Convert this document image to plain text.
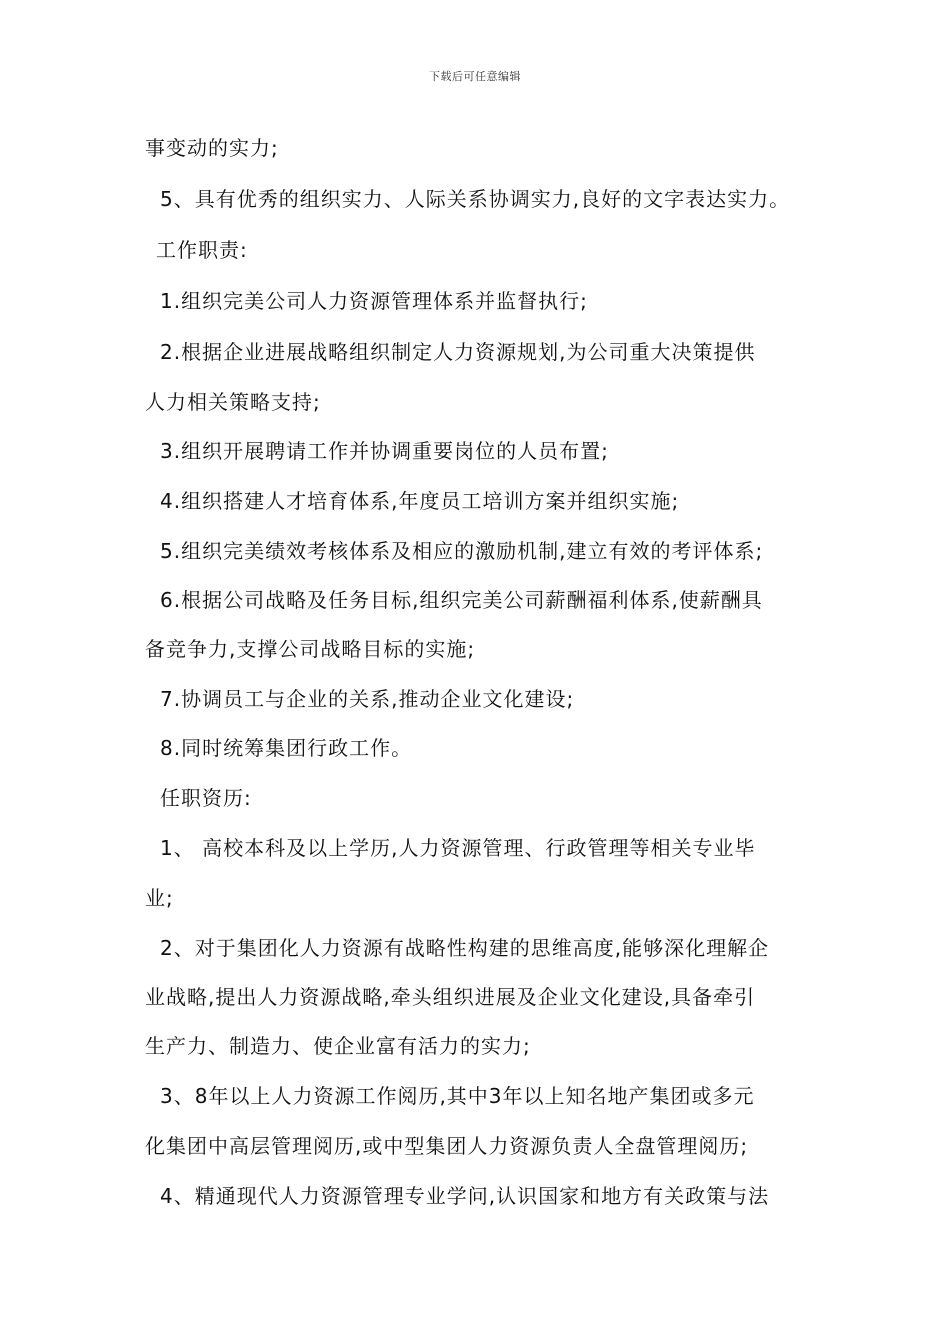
下载后可任意编辑
事变动的实力;
5、具有优秀的组织实力、人际关系协调实力,良好的文字表达实力。
工作职责:
1.组织完美公司人力资源管理体系并监督执行;
2.根据企业进展战略组织制定人力资源规划,为公司重大决策提供
人力相关策略支持;
3.组织开展聘请工作并协调重要岗位的人员布置;
4.组织搭建人才培育体系,年度员工培训方案并组织实施;
5.组织完美绩效考核体系及相应的激励机制,建立有效的考评体系;
6.根据公司战略及任务目标,组织完美公司薪酬福利体系,使薪酬具
备竞争力,支撑公司战略目标的实施;
7.协调员工与企业的关系,推动企业文化建设;
8.同时统筹集团行政工作。
任职资历:
1、 高校本科及以上学历,人力资源管理、行政管理等相关专业毕
业;
2、对于集团化人力资源有战略性构建的思维高度,能够深化理解企
业战略,提出人力资源战略,牵头组织进展及企业文化建设,具备牵引
生产力、制造力、使企业富有活力的实力;
3、8年以上人力资源工作阅历,其中3年以上知名地产集团或多元
化集团中高层管理阅历,或中型集团人力资源负责人全盘管理阅历;
4、精通现代人力资源管理专业学问,认识国家和地方有关政策与法
